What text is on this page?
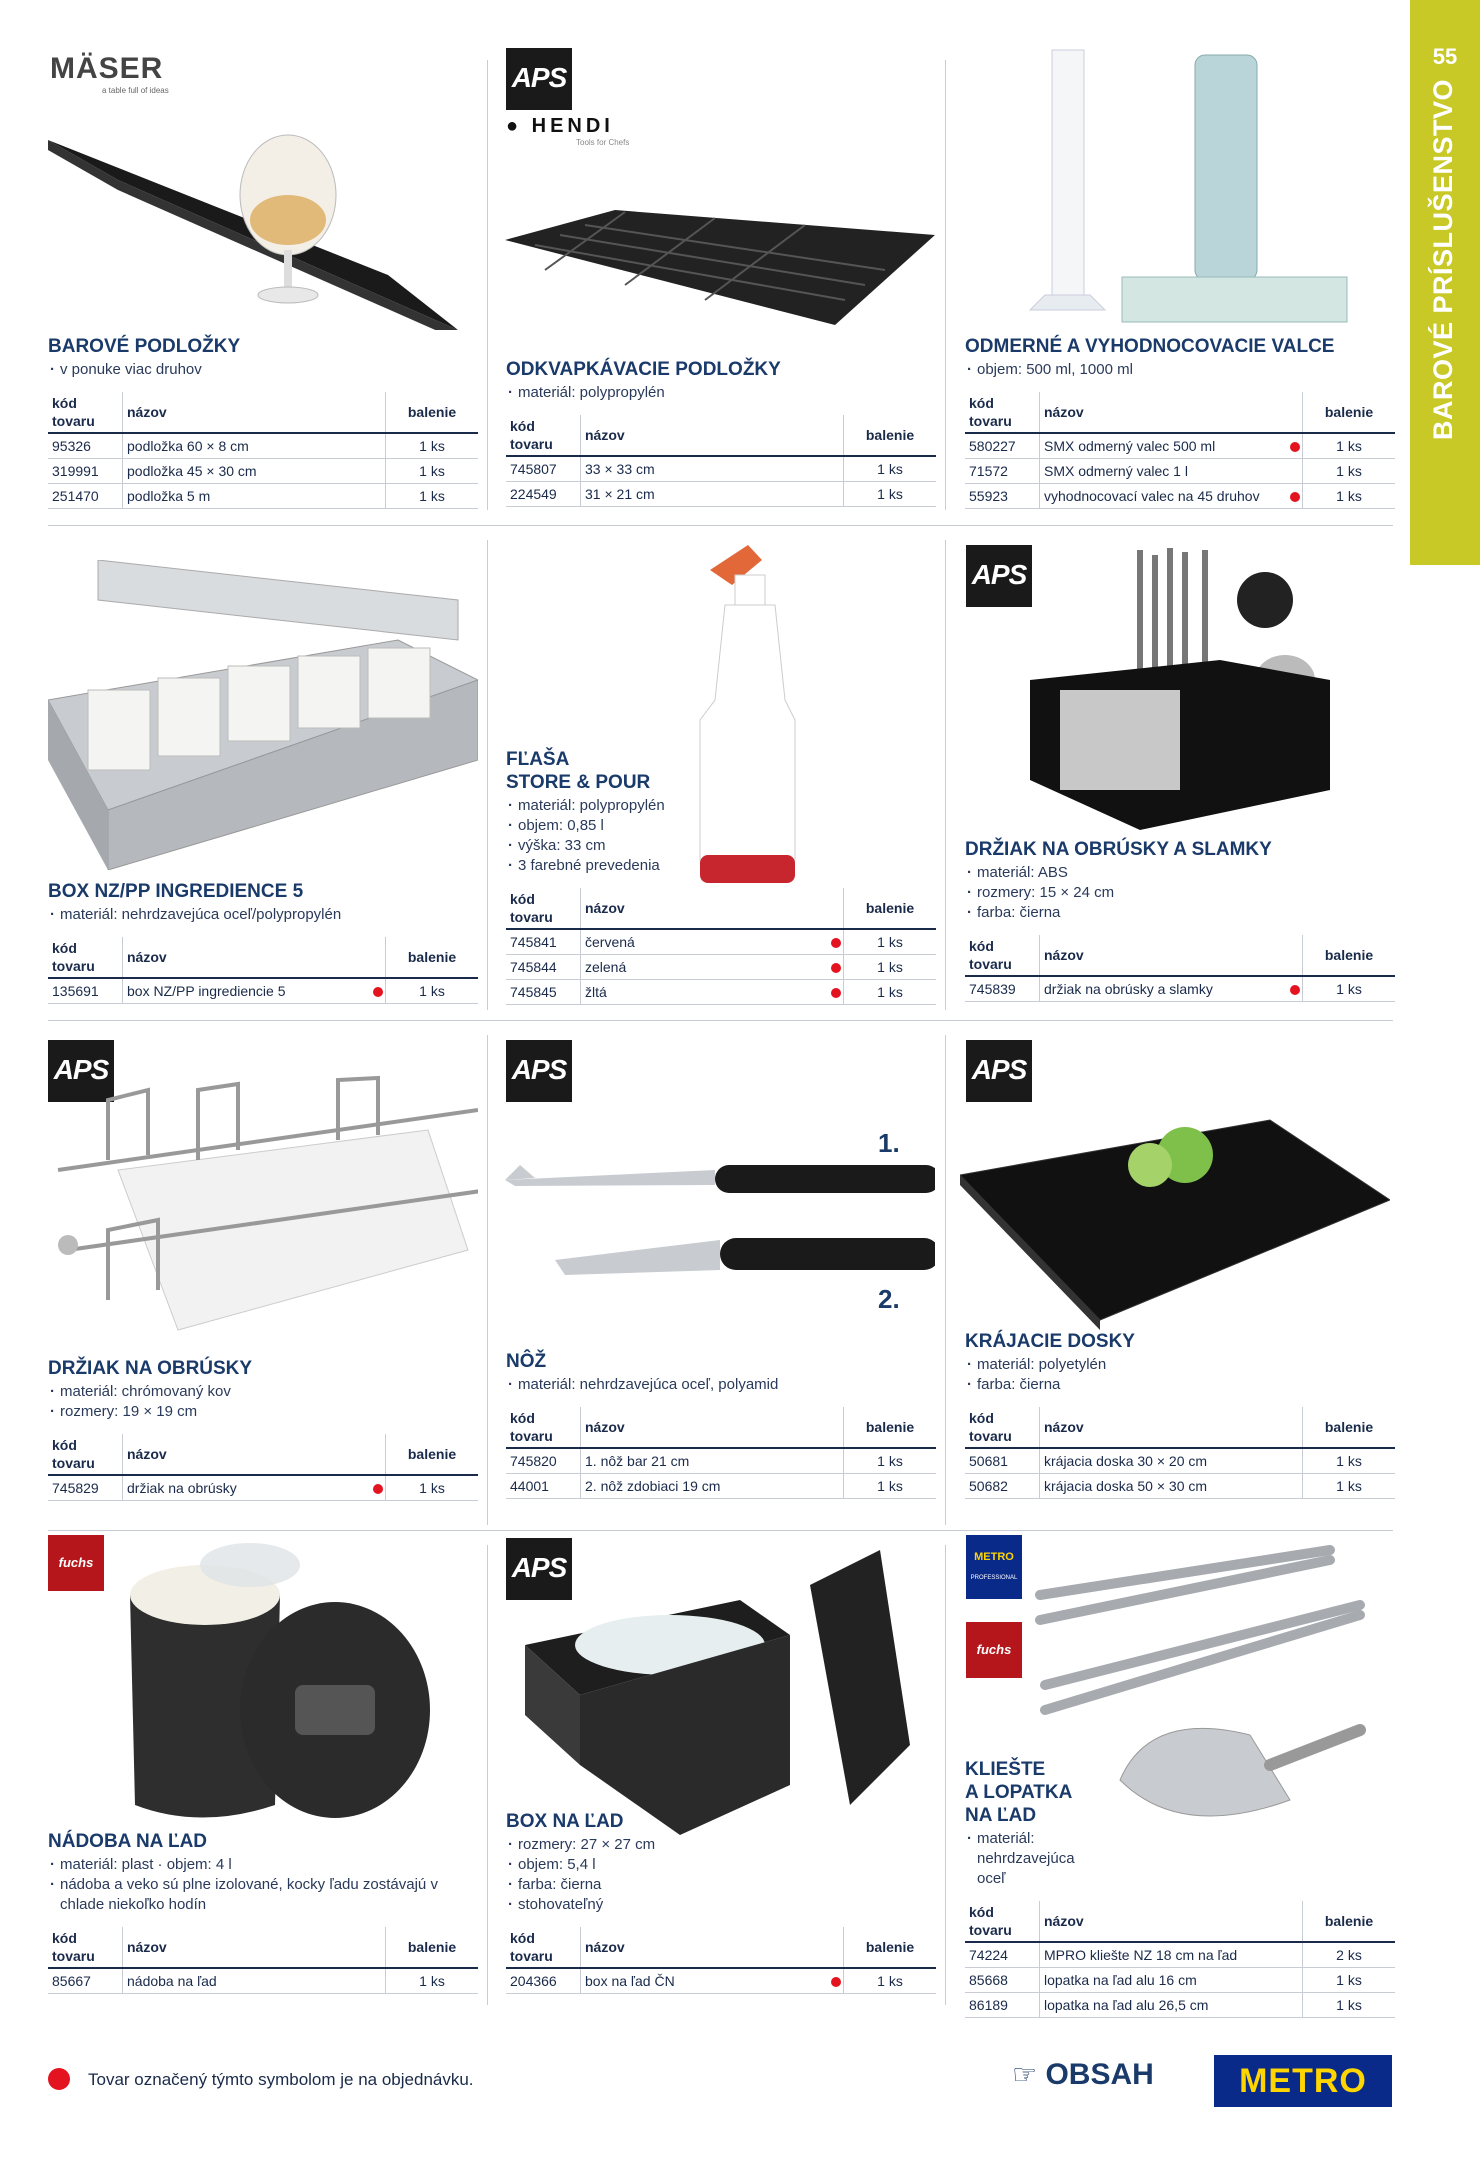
55
BAROVÉ PRÍSLUŠENSTVO
MÄSER
a table full of ideas
BAROVÉ PODLOŽKY
· v ponuke viac druhov
kód tovaru	názov		balenie
95326	podložka 60 × 8 cm		1 ks
319991	podložka 45 × 30 cm		1 ks
251470	podložka 5 m		1 ks
APS
● HENDI
Tools for Chefs
ODKVAPKÁVACIE PODLOŽKY
· materiál: polypropylén
kód tovaru	názov		balenie
745807	33 × 33 cm		1 ks
224549	31 × 21 cm		1 ks
ODMERNÉ A VYHODNOCOVACIE VALCE
· objem: 500 ml, 1000 ml
kód tovaru	názov		balenie
580227	SMX odmerný valec 500 ml		1 ks
71572	SMX odmerný valec 1 l		1 ks
55923	vyhodnocovací valec na 45 druhov		1 ks
BOX NZ/PP INGREDIENCE 5
· materiál: nehrdzavejúca oceľ/polypropylén
kód tovaru	názov		balenie
135691	box NZ/PP ingrediencie 5		1 ks
FĽAŠA
STORE & POUR
· materiál: polypropylén
· objem: 0,85 l
· výška: 33 cm
· 3 farebné prevedenia
kód tovaru	názov		balenie
745841	červená		1 ks
745844	zelená		1 ks
745845	žltá		1 ks
APS
DRŽIAK NA OBRÚSKY A SLAMKY
· materiál: ABS
· rozmery: 15 × 24 cm
· farba: čierna
kód tovaru	názov		balenie
745839	držiak na obrúsky a slamky		1 ks
APS
DRŽIAK NA OBRÚSKY
· materiál: chrómovaný kov
· rozmery: 19 × 19 cm
kód tovaru	názov		balenie
745829	držiak na obrúsky		1 ks
APS
1.
2.
NÔŽ
· materiál: nehrdzavejúca oceľ, polyamid
kód tovaru	názov		balenie
745820	1. nôž bar 21 cm		1 ks
44001	2. nôž zdobiaci 19 cm		1 ks
APS
KRÁJACIE DOSKY
· materiál: polyetylén
· farba: čierna
kód tovaru	názov		balenie
50681	krájacia doska 30 × 20 cm		1 ks
50682	krájacia doska 50 × 30 cm		1 ks
fuchs
NÁDOBA NA ĽAD
· materiál: plast · objem: 4 l
· nádoba a veko sú plne izolované, kocky ľadu zostávajú v chlade niekoľko hodín
kód tovaru	názov		balenie
85667	nádoba na ľad		1 ks
APS
BOX NA ĽAD
· rozmery: 27 × 27 cm
· objem: 5,4 l
· farba: čierna
· stohovateľný
kód tovaru	názov		balenie
204366	box na ľad ČN		1 ks
METRO
PROFESSIONAL
fuchs
KLIEŠTE
A LOPATKA
NA ĽAD
· materiál: nehrdzavejúca oceľ
kód tovaru	názov		balenie
74224	MPRO kliešte NZ 18 cm na ľad		2 ks
85668	lopatka na ľad alu 16 cm		1 ks
86189	lopatka na ľad alu 26,5 cm		1 ks
Tovar označený týmto symbolom je na objednávku.	☞ OBSAH	METRO
